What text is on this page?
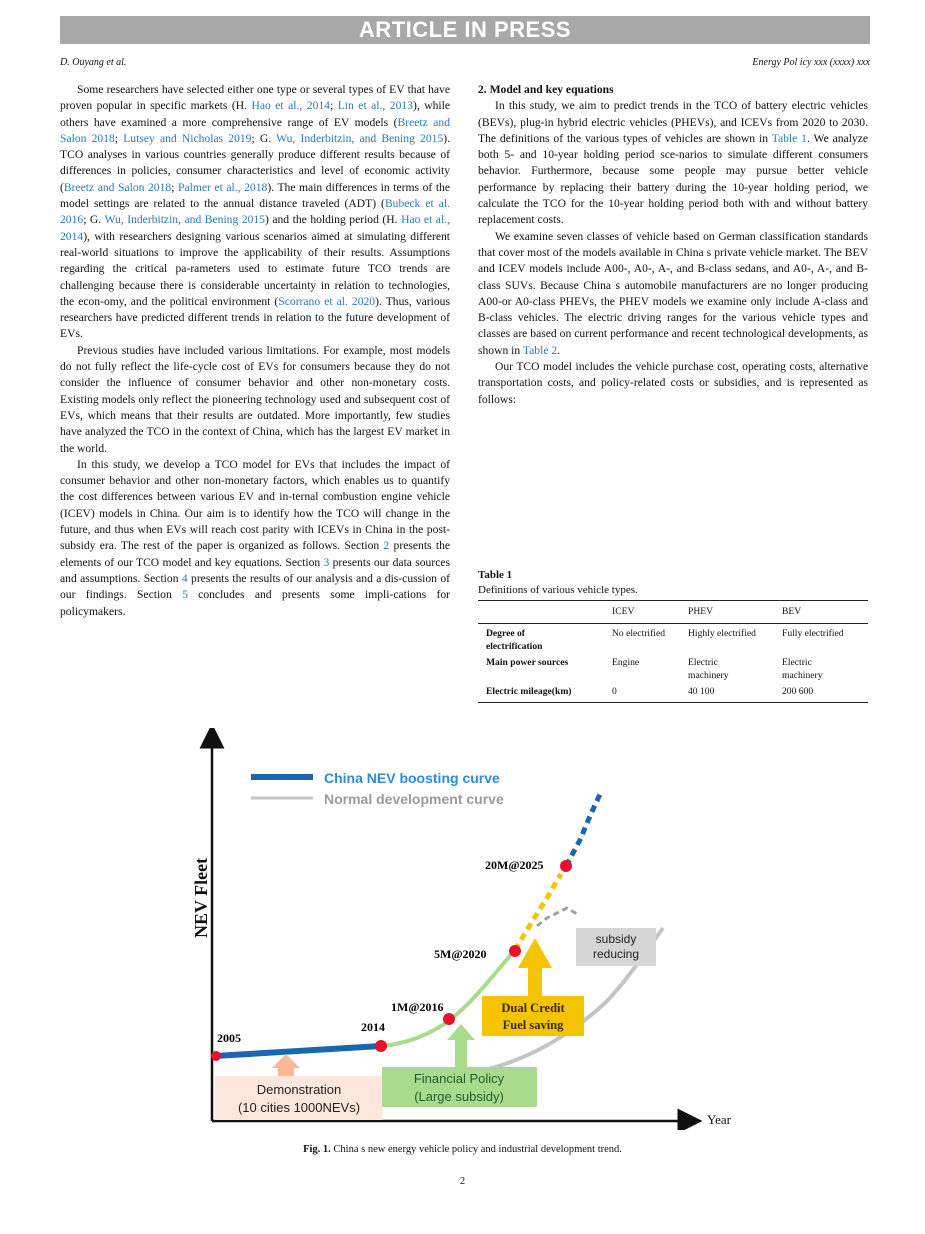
ARTICLE IN PRESS
D. Ouyang et al.	Energy Pol icy xxx (xxxx) xxx

Some researchers have selected either one type or several types of EV that have proven popular in specific markets (H. Hao et al., 2014; Lin et al., 2013), while others have examined a more comprehensive range of EV models (Breetz and Salon 2018; Lutsey and Nicholas 2019; G. Wu, Inderbitzin, and Bening 2015). TCO analyses in various countries generally produce different results because of differences in policies, consumer characteristics and level of economic activity (Breetz and Salon 2018; Palmer et al., 2018). The main differences in terms of the model settings are related to the annual distance traveled (ADT) (Bubeck et al. 2016; G. Wu, Inderbitzin, and Bening 2015) and the holding period (H. Hao et al., 2014), with researchers designing various scenarios aimed at simulating different real-world situations to improve the applicability of their results. Assumptions regarding the critical pa-rameters used to estimate future TCO trends are challenging because there is considerable uncertainty in relation to technologies, the econ-omy, and the political environment (Scorrano et al. 2020). Thus, various researchers have predicted different trends in relation to the future development of EVs.

Previous studies have included various limitations. For example, most models do not fully reflect the life-cycle cost of EVs for consumers because they do not consider the influence of consumer behavior and other non-monetary costs. Existing models only reflect the pioneering technology used and subsequent cost of EVs, which means that their results are outdated. More importantly, few studies have analyzed the TCO in the context of China, which has the largest EV market in the world.

In this study, we develop a TCO model for EVs that includes the impact of consumer behavior and other non-monetary factors, which enables us to quantify the cost differences between various EV and in-ternal combustion engine vehicle (ICEV) models in China. Our aim is to identify how the TCO will change in the future, and thus when EVs will reach cost parity with ICEVs in China in the post-subsidy era. The rest of the paper is organized as follows. Section 2 presents the elements of our TCO model and key equations. Section 3 presents our data sources and assumptions. Section 4 presents the results of our analysis and a dis-cussion of our findings. Section 5 concludes and presents some impli-cations for policymakers.

2. Model and key equations

In this study, we aim to predict trends in the TCO of battery electric vehicles (BEVs), plug-in hybrid electric vehicles (PHEVs), and ICEVs from 2020 to 2030. The definitions of the various types of vehicles are shown in Table 1. We analyze both 5- and 10-year holding period sce-narios to simulate different consumers behavior. Furthermore, because some people may pursue better vehicle performance by replacing their battery during the 10-year holding period, we calculate the TCO for the 10-year holding period both with and without battery replacement costs.

We examine seven classes of vehicle based on German classification standards that cover most of the models available in China s private vehicle market. The BEV and ICEV models include A00-, A0-, A-, and B-class sedans, and A0-, A-, and B-class SUVs. Because China s automobile manufacturers are no longer producing A00-or A0-class PHEVs, the PHEV models we examine only include A-class and B-class vehicles. The electric driving ranges for the various vehicle types and classes are based on current performance and recent technological developments, as shown in Table 2.

Our TCO model includes the vehicle purchase cost, operating costs, alternative transportation costs, and policy-related costs or subsidies, and is represented as follows:

Table 1
Definitions of various vehicle types.
	ICEV	PHEV	BEV
Degree of electrification	No electrified	Highly electrified	Fully electrified
Main power sources	Engine	Electric machinery	Electric machinery
Electric mileage(km)	0	40 100	200 600
NEV Fleet
Year
China NEV boosting curve
Normal development curve
Demonstration
(10 cities 1000NEVs)
Financial Policy
(Large subsidy)
Dual Credit
Fuel saving
subsidy
reducing
2005
2014
1M@2016
5M@2020
20M@2025
Fig. 1. China s new energy vehicle policy and industrial development trend.
2
